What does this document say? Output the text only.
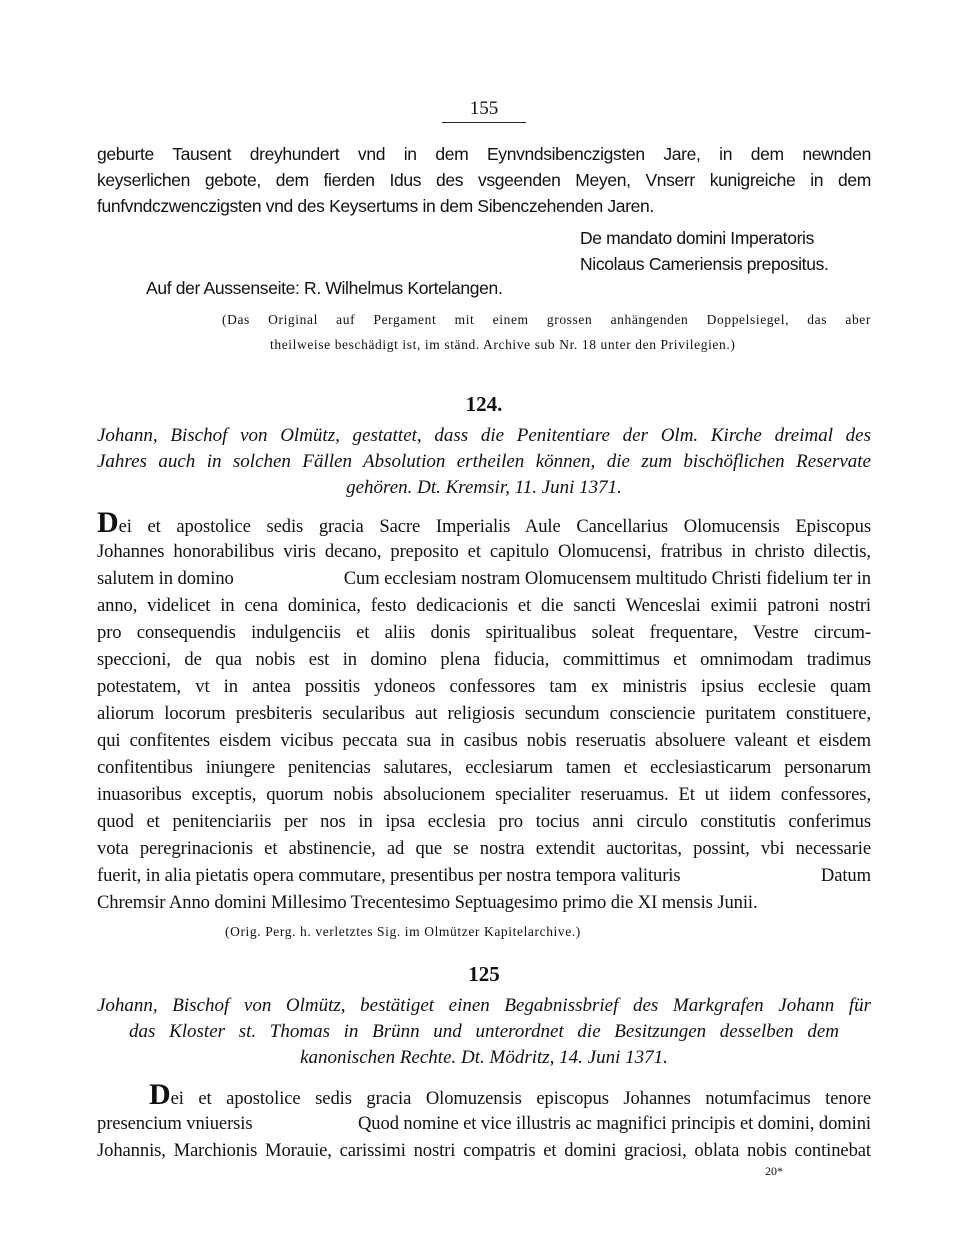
155
geburte Tausent dreyhundert vnd in dem Eynvndsibenczigsten Jare, in dem newnden
keyserlichen gebote, dem fierden Idus des vsgeenden Meyen, Vnserr kunigreiche in dem
funfvndczwenczigsten vnd des Keysertums in dem Sibenczehenden Jaren.
De mandato domini Imperatoris
Nicolaus Cameriensis prepositus.
Auf der Aussenseite: R. Wilhelmus Kortelangen.
(Das Original auf Pergament mit einem grossen anhängenden Doppelsiegel, das aber
theilweise beschädigt ist, im ständ. Archive sub Nr. 18 unter den Privilegien.)
124.
Johann, Bischof von Olmütz, gestattet, dass die Penitentiare der Olm. Kirche dreimal des
Jahres auch in solchen Fällen Absolution ertheilen können, die zum bischöflichen Reservate
gehören. Dt. Kremsir, 11. Juni 1371.
Dei et apostolice sedis gracia Sacre Imperialis Aule Cancellarius Olomucensis Episcopus
Johannes honorabilibus viris decano, preposito et capitulo Olomucensi, fratribus in christo dilectis,
salutem in domino	Cum ecclesiam nostram Olomucensem multitudo Christi fidelium ter in
anno, videlicet in cena dominica, festo dedicacionis et die sancti Wenceslai eximii patroni nostri
pro consequendis indulgenciis et aliis donis spiritualibus soleat frequentare, Vestre circum-
speccioni, de qua nobis est in domino plena fiducia, committimus et omnimodam tradimus
potestatem, vt in antea possitis ydoneos confessores tam ex ministris ipsius ecclesie quam
aliorum locorum presbiteris secularibus aut religiosis secundum consciencie puritatem constituere,
qui confitentes eisdem vicibus peccata sua in casibus nobis reseruatis absoluere valeant et eisdem
confitentibus iniungere penitencias salutares, ecclesiarum tamen et ecclesiasticarum personarum
inuasoribus exceptis, quorum nobis absolucionem specialiter reseruamus. Et ut iidem confessores,
quod et penitenciariis per nos in ipsa ecclesia pro tocius anni circulo constitutis conferimus
vota peregrinacionis et abstinencie, ad que se nostra extendit auctoritas, possint, vbi necessarie
fuerit, in alia pietatis opera commutare, presentibus per nostra tempora valituris	Datum
Chremsir Anno domini Millesimo Trecentesimo Septuagesimo primo die XI mensis Junii.
(Orig. Perg. h. verletztes Sig. im Olmützer Kapitelarchive.)
125
Johann, Bischof von Olmütz, bestätiget einen Begabnissbrief des Markgrafen Johann für
das Kloster st. Thomas in Brünn und unterordnet die Besitzungen desselben dem
kanonischen Rechte. Dt. Mödritz, 14. Juni 1371.
Dei et apostolice sedis gracia Olomuzensis episcopus Johannes notumfacimus tenore
presencium vniuersis	Quod nomine et vice illustris ac magnifici principis et domini, domini
Johannis, Marchionis Morauie, carissimi nostri compatris et domini graciosi, oblata nobis continebat
20*
